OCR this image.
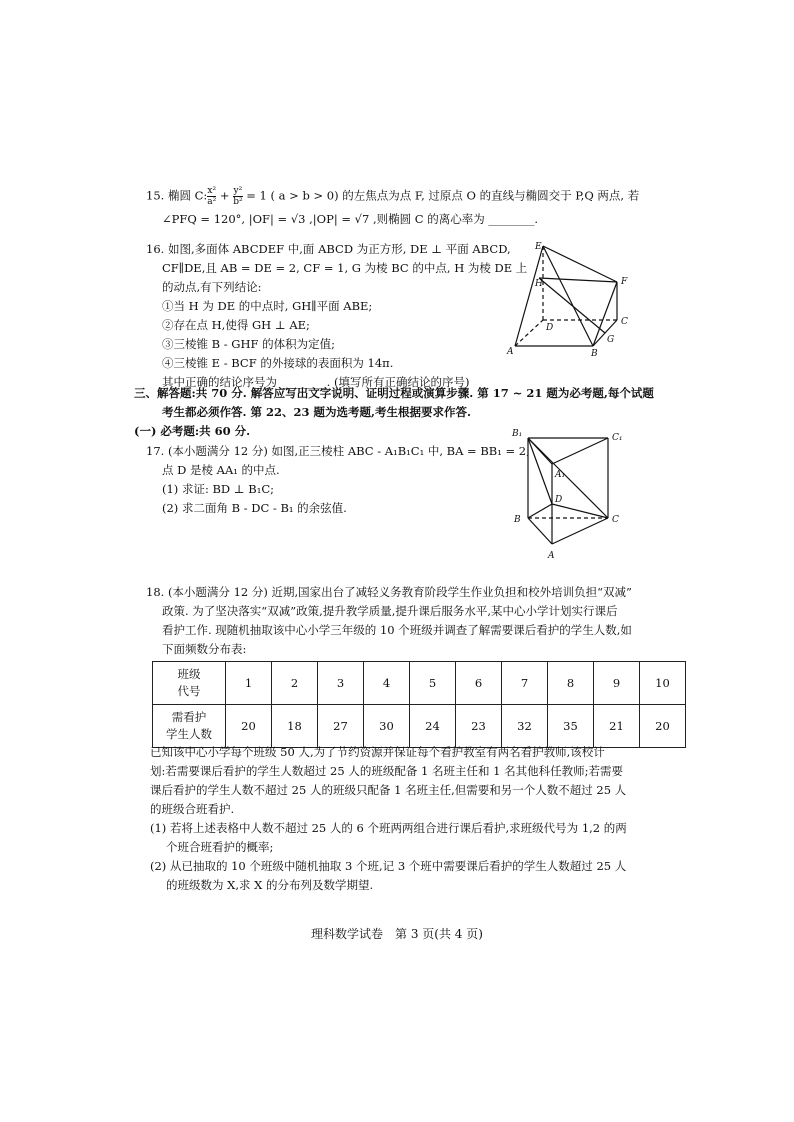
15. 椭圆 C: $\frac{\text{x²}}{\text{a²}} + \frac{\text{y²}}{\text{b²}} = 1$ ( a > b > 0) 的左焦点为点 F, 过原点 O 的直线与椭圆交于 P,Q 两点, 若
∠PFQ = 120°, |OF| = √3 ,|OP| = √7 ,则椭圆 C 的离心率为 ________.
16. 如图,多面体 ABCDEF 中,面 ABCD 为正方形, DE ⊥ 平面 ABCD,
CF∥DE,且 AB = DE = 2, CF = 1, G 为棱 BC 的中点, H 为棱 DE 上
的动点,有下列结论:
①当 H 为 DE 的中点时, GH∥平面 ABE;
②存在点 H,使得 GH ⊥ AE;
③三棱锥 B - GHF 的体积为定值;
④三棱锥 E - BCF 的外接球的表面积为 14π.
其中正确的结论序号为 ________. (填写所有正确结论的序号)
E
H	F
D
C
A	B
G
三、解答题:共 70 分. 解答应写出文字说明、证明过程或演算步骤. 第 17 ~ 21 题为必考题,每个试题
考生都必须作答. 第 22、23 题为选考题,考生根据要求作答.
(一) 必考题:共 60 分.
17. (本小题满分 12 分) 如图,正三棱柱 ABC - A₁B₁C₁ 中, BA = BB₁ = 2,
点 D 是棱 AA₁ 的中点.
(1) 求证: BD ⊥ B₁C;
(2) 求二面角 B - DC - B₁ 的余弦值.
B₁	C₁
A₁
D
B	C
A
18. (本小题满分 12 分) 近期,国家出台了减轻义务教育阶段学生作业负担和校外培训负担“双减”
政策. 为了坚决落实“双减”政策,提升教学质量,提升课后服务水平,某中心小学计划实行课后
看护工作. 现随机抽取该中心小学三年级的 10 个班级并调查了解需要课后看护的学生人数,如
下面频数分布表:
班级
代号	1	2	3	4	5	6	7	8	9	10

需看护
学生人数	20	18	27	30	24	23	32	35	21	20
已知该中心小学每个班级 50 人,为了节约资源并保证每个看护教室有两名看护教师,该校计
划:若需要课后看护的学生人数超过 25 人的班级配备 1 名班主任和 1 名其他科任教师;若需要
课后看护的学生人数不超过 25 人的班级只配备 1 名班主任,但需要和另一个人数不超过 25 人
的班级合班看护.
(1) 若将上述表格中人数不超过 25 人的 6 个班两两组合进行课后看护,求班级代号为 1,2 的两
个班合班看护的概率;
(2) 从已抽取的 10 个班级中随机抽取 3 个班,记 3 个班中需要课后看护的学生人数超过 25 人
的班级数为 X,求 X 的分布列及数学期望.
理科数学试卷　第 3 页(共 4 页)
